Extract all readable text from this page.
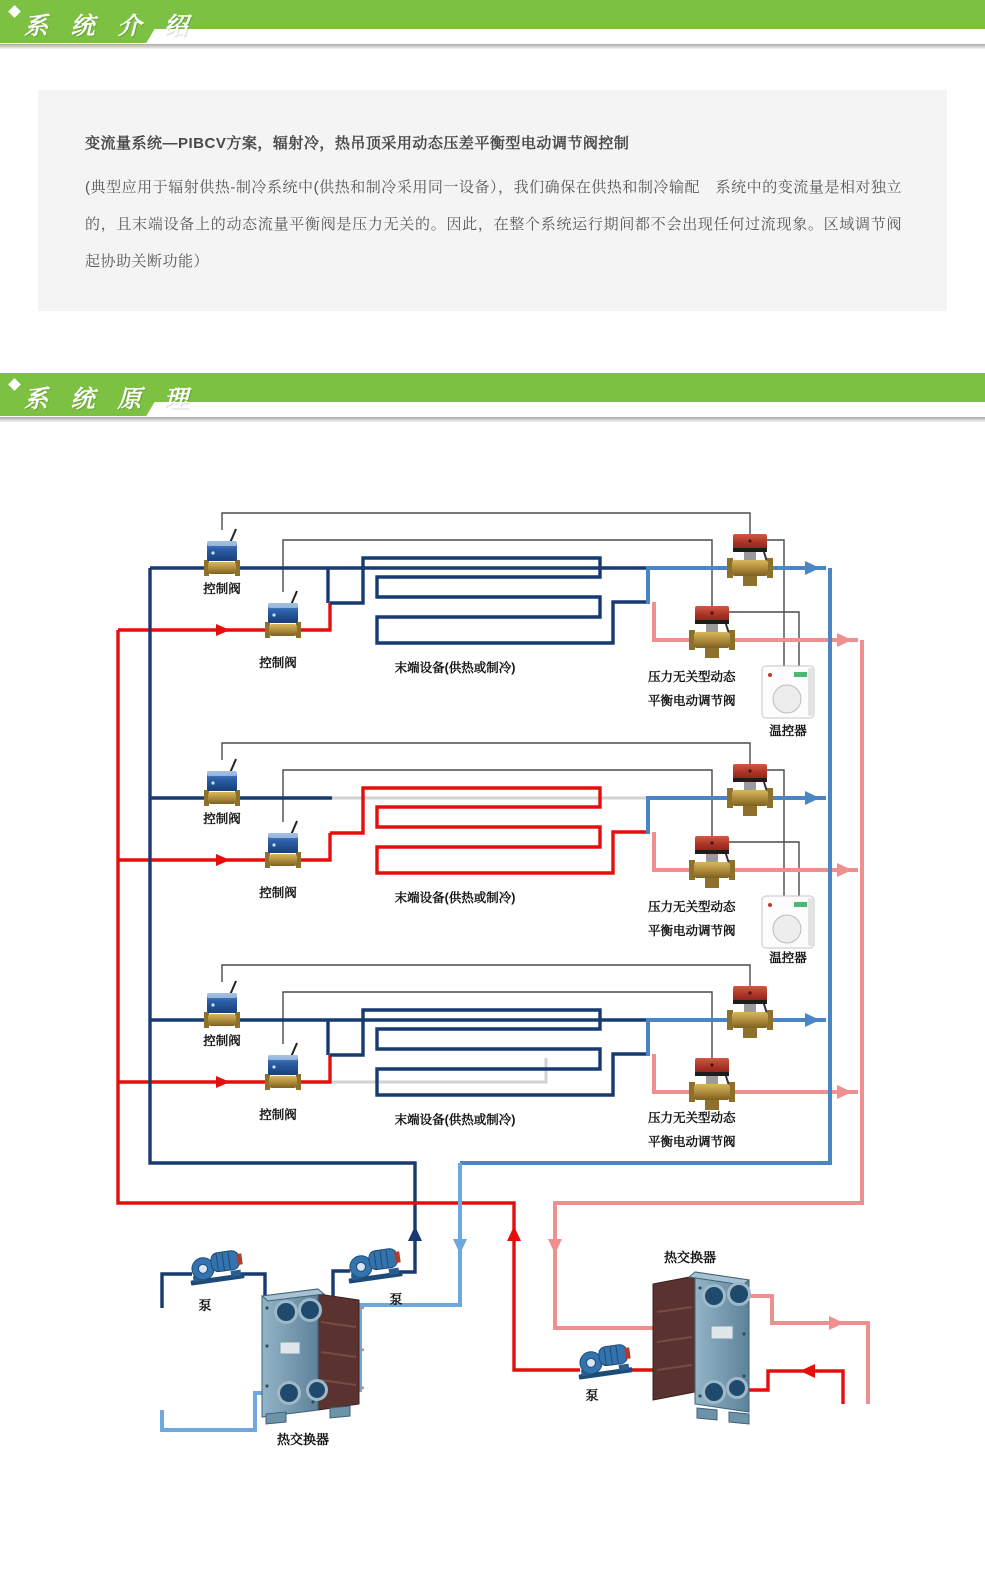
系 统 介 绍
变流量系统—PIBCV方案，辐射冷，热吊顶采用动态压差平衡型电动调节阀控制

(典型应用于辐射供热-制冷系统中(供热和制冷采用同一设备），我们确保在供热和制冷输配　系统中的变流量是相对独立的，且末端设备上的动态流量平衡阀是压力无关的。因此，在整个系统运行期间都不会出现任何过流现象。区域调节阀起协助关断功能）

系 统 原 理
控制阀
控制阀	末端设备(供热或制冷)
压力无关型动态
平衡电动调节阀
温控器
控制阀
控制阀	末端设备(供热或制冷)
压力无关型动态
平衡电动调节阀
温控器
控制阀
控制阀	末端设备(供热或制冷)	压力无关型动态
平衡电动调节阀
泵	泵
泵
热交换器
热交换器
